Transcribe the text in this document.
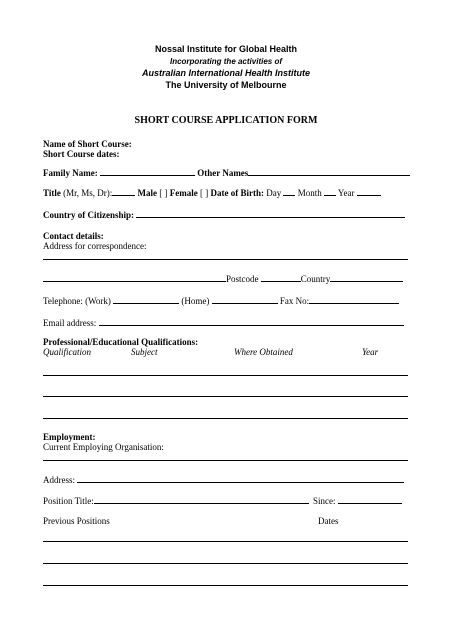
Nossal Institute for Global Health
Incorporating the activities of
Australian International Health Institute
The University of Melbourne
SHORT COURSE APPLICATION FORM
Name of Short Course:
Short Course dates:
Family Name:	Other Names
Title (Mr, Ms, Dr):	Male [ ] Female [ ] Date of Birth: Day Month Year
Country of Citizenship:
Contact details:
Address for correspondence:
Postcode	Country
Telephone: (Work)	(Home)	Fax No:
Email address:
Professional/Educational Qualifications:
Qualification	Subject	Where Obtained	Year
Employment:
Current Employing Organisation:
Address:
Position Title:	Since:
Previous Positions	Dates
